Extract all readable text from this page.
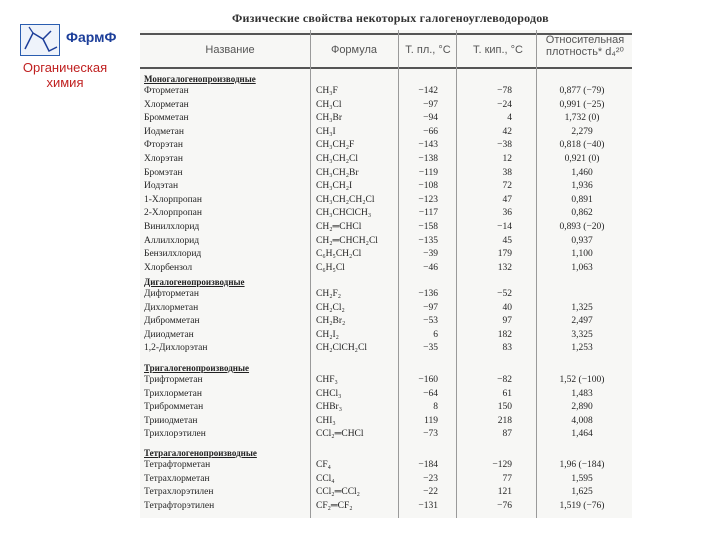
ФармФ
Органическая
химия
Физические свойства некоторых галогеноуглеводородов
Название	Формула	Т. пл., °С	Т. кип., °С
Относительная
плотность* d₄²⁰
Моногалогенопроизводные
Фторметан	CH₃F	−142	−78	0,877 (−79)
Хлорметан	CH₃Cl	−97	−24	0,991 (−25)
Бромметан	CH₃Br	−94	4	1,732 (0)
Иодметан	CH₃I	−66	42	2,279
Фторэтан	CH₃CH₂F	−143	−38	0,818 (−40)
Хлорэтан	CH₃CH₂Cl	−138	12	0,921 (0)
Бромэтан	CH₃CH₂Br	−119	38	1,460
Иодэтан	CH₃CH₂I	−108	72	1,936
1-Хлорпропан	CH₃CH₂CH₂Cl	−123	47	0,891
2-Хлорпропан	CH₃CHClCH₃	−117	36	0,862
Винилхлорид	CH₂═CHCl	−158	−14	0,893 (−20)
Аллилхлорид	CH₂═CHCH₂Cl	−135	45	0,937
Бензилхлорид	C₆H₅CH₂Cl	−39	179	1,100
Хлорбензол	C₆H₅Cl	−46	132	1,063
Дигалогенопроизводные
Дифторметан	CH₂F₂	−136	−52
Дихлорметан	CH₂Cl₂	−97	40	1,325
Дибромметан	CH₂Br₂	−53	97	2,497
Дииодметан	CH₂I₂	6	182	3,325
1,2-Дихлорэтан	CH₂ClCH₂Cl	−35	83	1,253
Тригалогенопроизводные
Трифторметан	CHF₃	−160	−82	1,52 (−100)
Трихлорметан	CHCl₃	−64	61	1,483
Трибромметан	CHBr₃	8	150	2,890
Трииодметан	CHI₃	119	218	4,008
Трихлорэтилен	CCl₂═CHCl	−73	87	1,464
Тетрагалогенопроизводные
Тетрафторметан	CF₄	−184	−129	1,96 (−184)
Тетрахлорметан	CCl₄	−23	77	1,595
Тетрахлорэтилен	CCl₂═CCl₂	−22	121	1,625
Тетрафторэтилен	CF₂═CF₂	−131	−76	1,519 (−76)
